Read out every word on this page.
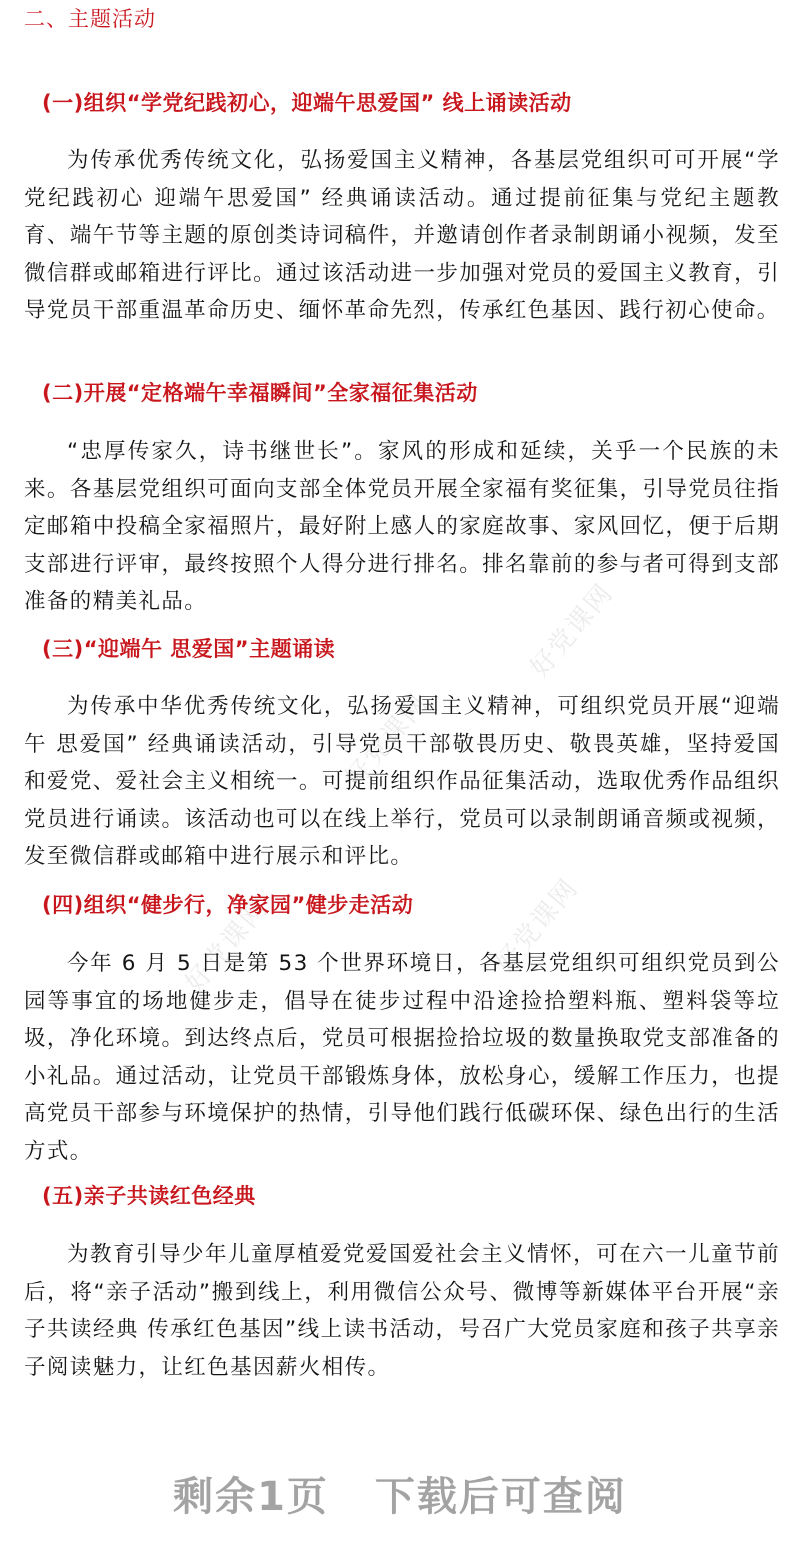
好党课网
好党课网	好党课网
好党课网
二、主题活动
(一)组织“学党纪践初心，迎端午思爱国” 线上诵读活动

为传承优秀传统文化，弘扬爱国主义精神，各基层党组织可可开展“学党纪践初心 迎端午思爱国” 经典诵读活动。通过提前征集与党纪主题教育、端午节等主题的原创类诗词稿件，并邀请创作者录制朗诵小视频，发至微信群或邮箱进行评比。通过该活动进一步加强对党员的爱国主义教育，引导党员干部重温革命历史、缅怀革命先烈，传承红色基因、践行初心使命。

(二)开展“定格端午幸福瞬间”全家福征集活动

“忠厚传家久，诗书继世长”。家风的形成和延续，关乎一个民族的未来。各基层党组织可面向支部全体党员开展全家福有奖征集，引导党员往指定邮箱中投稿全家福照片，最好附上感人的家庭故事、家风回忆，便于后期支部进行评审，最终按照个人得分进行排名。排名靠前的参与者可得到支部准备的精美礼品。

(三)“迎端午 思爱国”主题诵读

为传承中华优秀传统文化，弘扬爱国主义精神，可组织党员开展“迎端午 思爱国” 经典诵读活动，引导党员干部敬畏历史、敬畏英雄，坚持爱国和爱党、爱社会主义相统一。可提前组织作品征集活动，选取优秀作品组织党员进行诵读。该活动也可以在线上举行，党员可以录制朗诵音频或视频，发至微信群或邮箱中进行展示和评比。

(四)组织“健步行，净家园”健步走活动

今年 6 月 5 日是第 53 个世界环境日，各基层党组织可组织党员到公园等事宜的场地健步走，倡导在徒步过程中沿途捡拾塑料瓶、塑料袋等垃圾，净化环境。到达终点后，党员可根据捡拾垃圾的数量换取党支部准备的小礼品。通过活动，让党员干部锻炼身体，放松身心，缓解工作压力，也提高党员干部参与环境保护的热情，引导他们践行低碳环保、绿色出行的生活方式。

(五)亲子共读红色经典

为教育引导少年儿童厚植爱党爱国爱社会主义情怀，可在六一儿童节前后，将“亲子活动”搬到线上，利用微信公众号、微博等新媒体平台开展“亲子共读经典 传承红色基因”线上读书活动，号召广大党员家庭和孩子共享亲子阅读魅力，让红色基因薪火相传。

剩余1页 下载后可查阅
